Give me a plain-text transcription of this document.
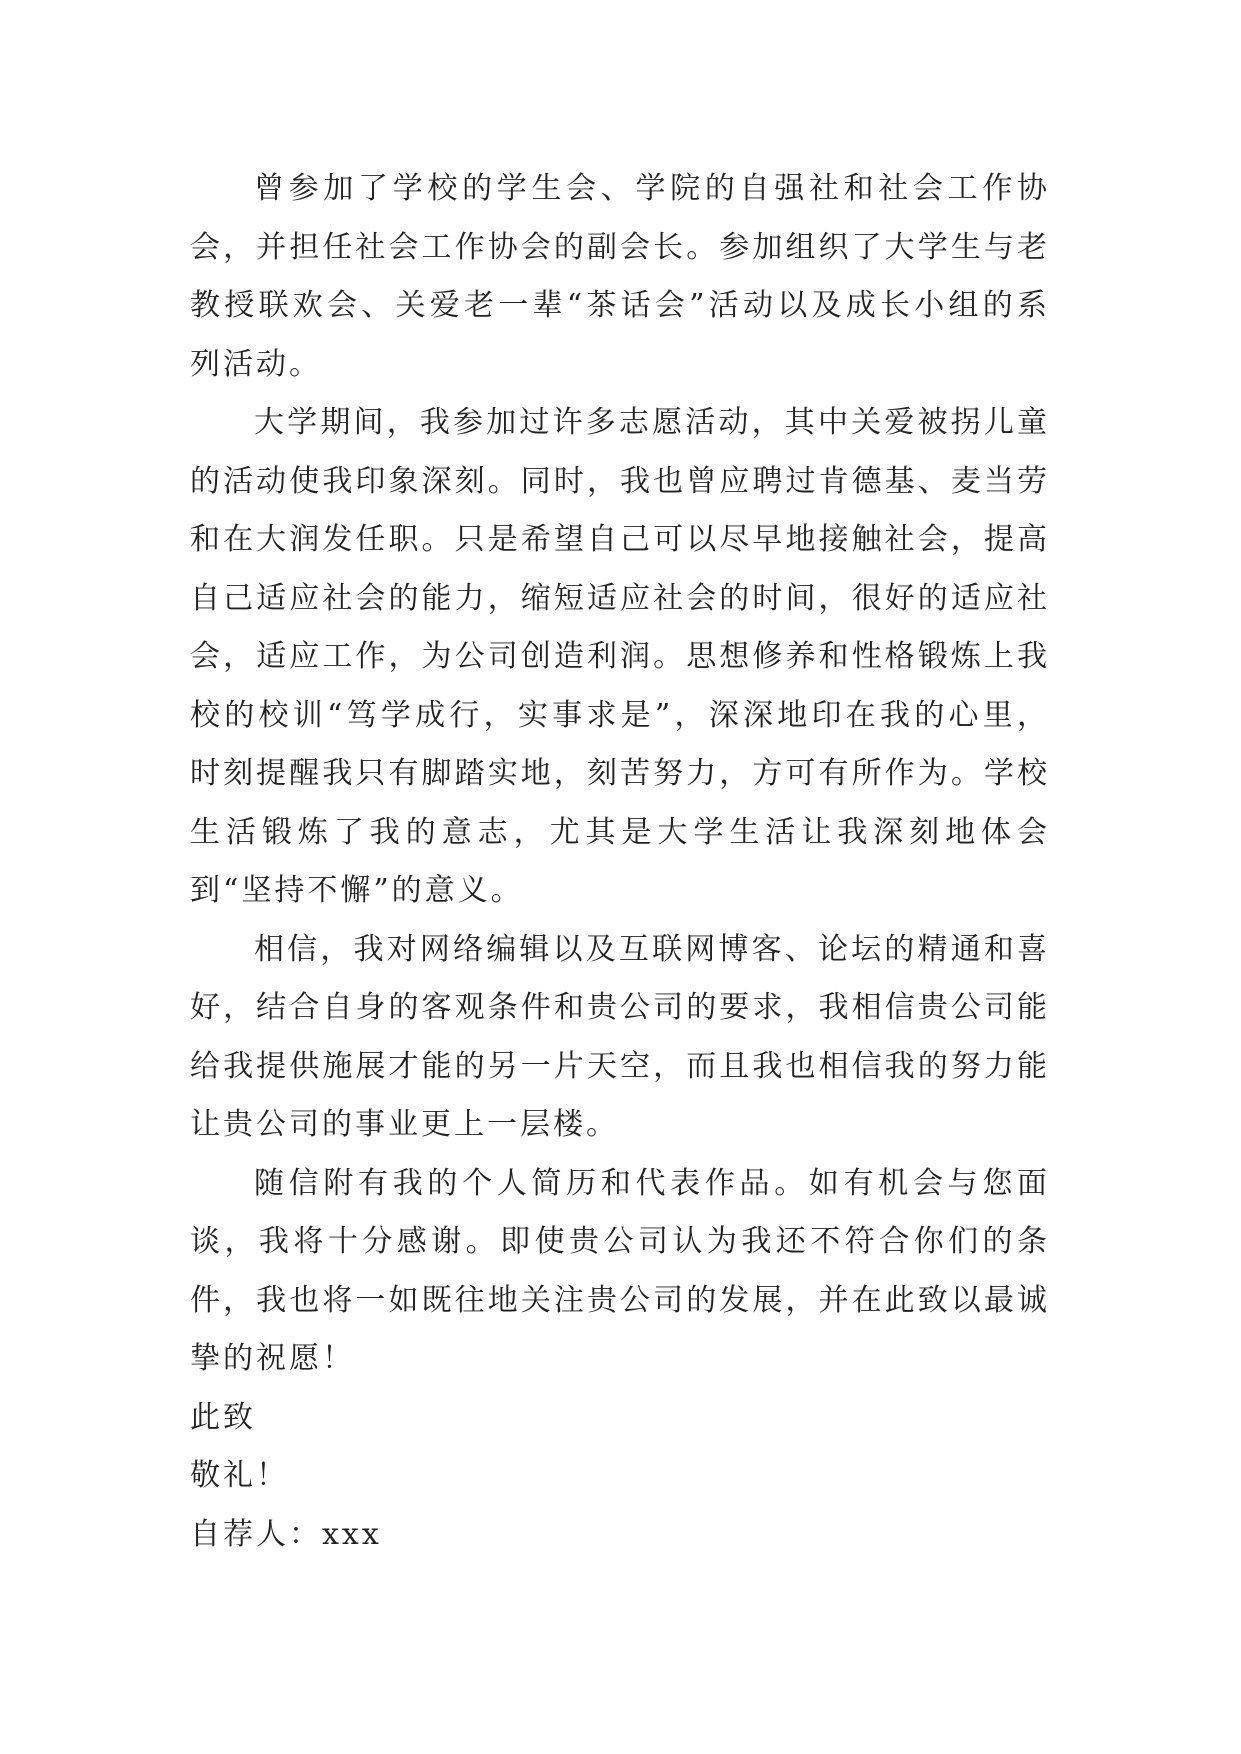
曾参加了学校的学生会、学院的自强社和社会工作协会，并担任社会工作协会的副会长。参加组织了大学生与老教授联欢会、关爱老一辈“茶话会”活动以及成长小组的系列活动。

大学期间，我参加过许多志愿活动，其中关爱被拐儿童的活动使我印象深刻。同时，我也曾应聘过肯德基、麦当劳和在大润发任职。只是希望自己可以尽早地接触社会，提高自己适应社会的能力，缩短适应社会的时间，很好的适应社会，适应工作，为公司创造利润。思想修养和性格锻炼上我校的校训“笃学成行，实事求是”，深深地印在我的心里，时刻提醒我只有脚踏实地，刻苦努力，方可有所作为。学校生活锻炼了我的意志，尤其是大学生活让我深刻地体会到“坚持不懈”的意义。

相信，我对网络编辑以及互联网博客、论坛的精通和喜好，结合自身的客观条件和贵公司的要求，我相信贵公司能给我提供施展才能的另一片天空，而且我也相信我的努力能让贵公司的事业更上一层楼。

随信附有我的个人简历和代表作品。如有机会与您面谈，我将十分感谢。即使贵公司认为我还不符合你们的条件，我也将一如既往地关注贵公司的发展，并在此致以最诚挚的祝愿！

此致

敬礼！

自荐人：xxx
